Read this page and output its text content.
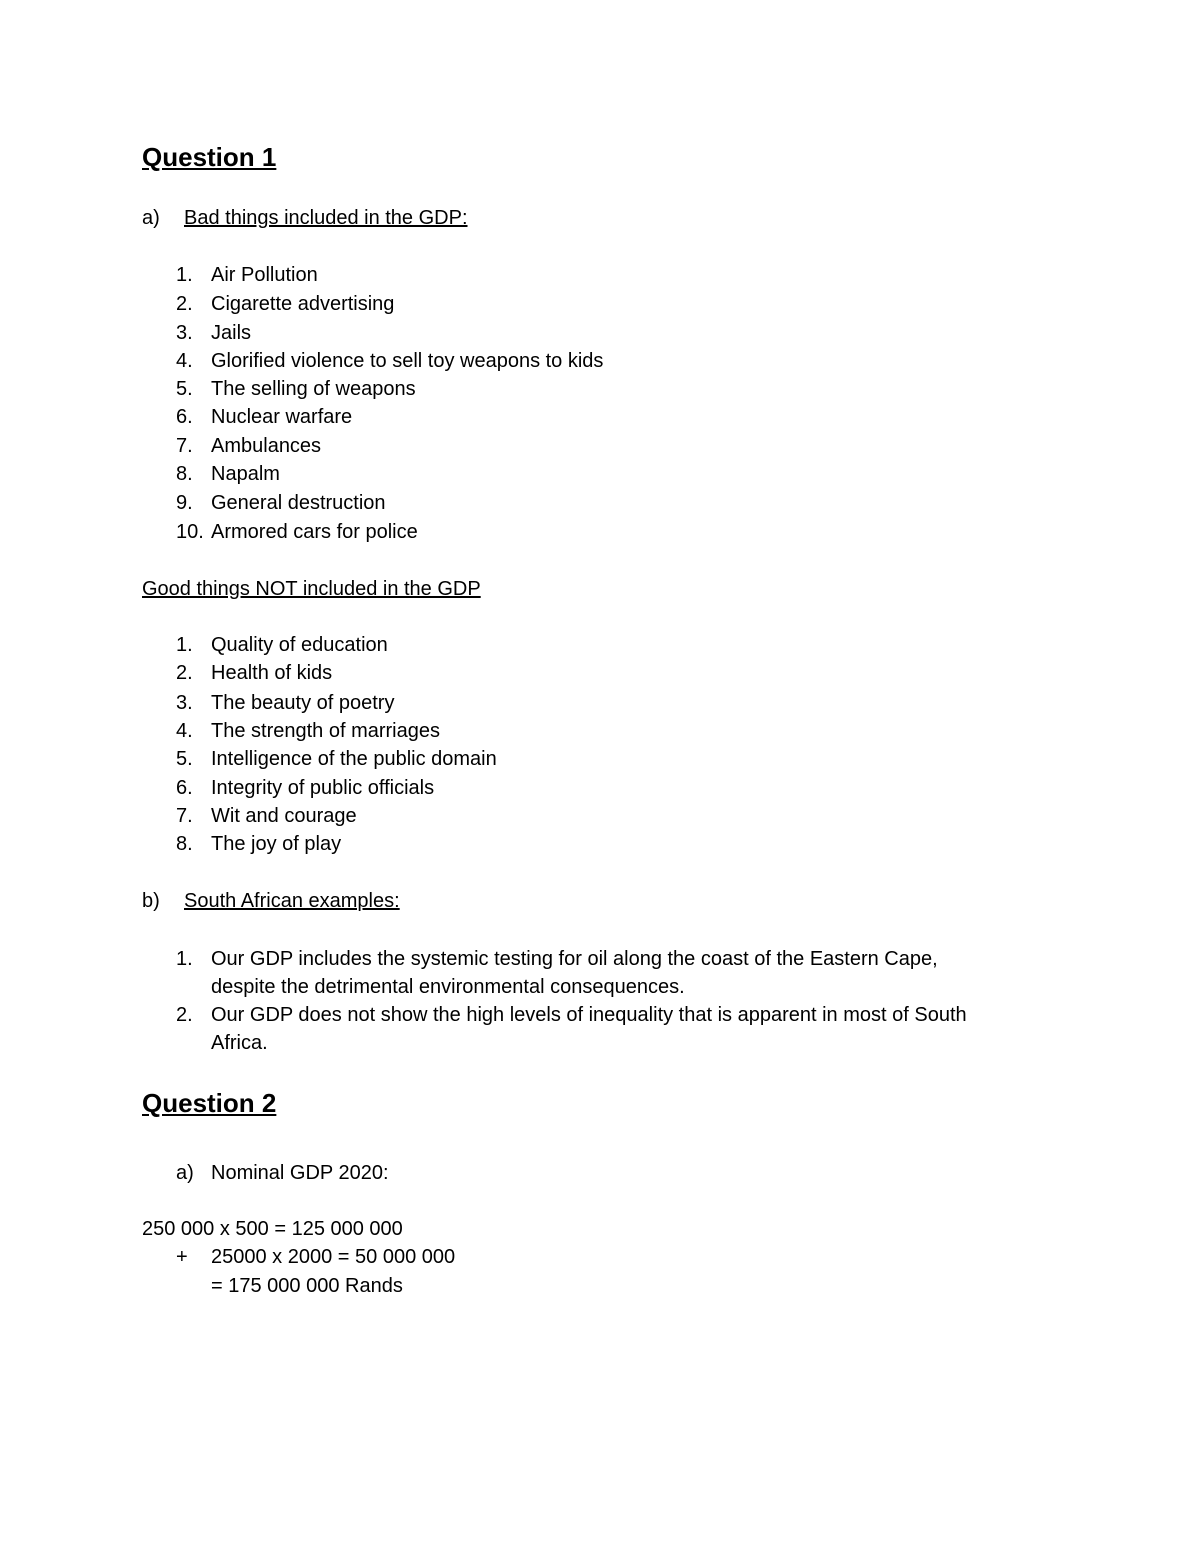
Question 1
a) Bad things included in the GDP:
1. Air Pollution
2. Cigarette advertising
3. Jails
4. Glorified violence to sell toy weapons to kids
5. The selling of weapons
6. Nuclear warfare
7. Ambulances
8. Napalm
9. General destruction
10. Armored cars for police
Good things NOT included in the GDP
1. Quality of education
2. Health of kids
3. The beauty of poetry
4. The strength of marriages
5. Intelligence of the public domain
6. Integrity of public officials
7. Wit and courage
8. The joy of play
b) South African examples:
1. Our GDP includes the systemic testing for oil along the coast of the Eastern Cape,
despite the detrimental environmental consequences.
2. Our GDP does not show the high levels of inequality that is apparent in most of South
Africa.
Question 2
a) Nominal GDP 2020:
250 000 x 500 = 125 000 000
+ 25000 x 2000 = 50 000 000
= 175 000 000 Rands
